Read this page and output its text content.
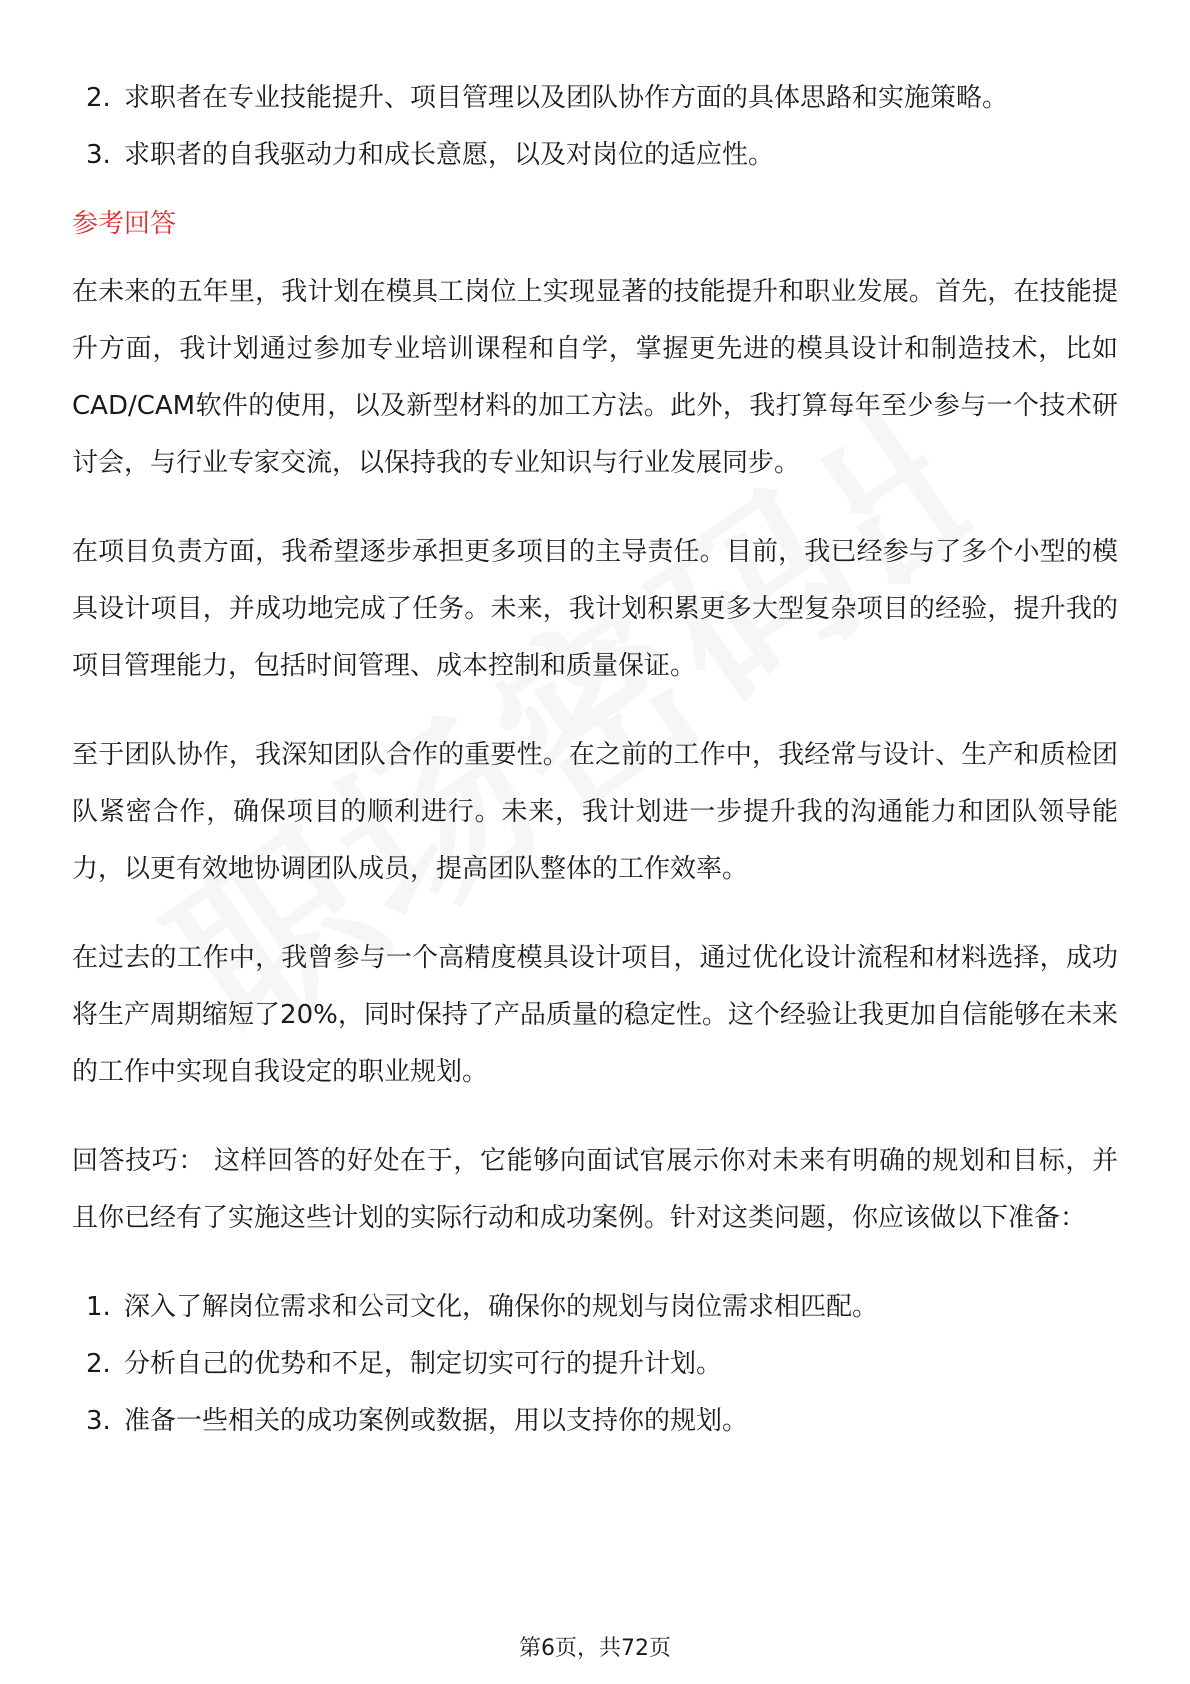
2. 求职者在专业技能提升、项目管理以及团队协作方面的具体思路和实施策略。
3. 求职者的自我驱动力和成长意愿，以及对岗位的适应性。
参考回答

在未来的五年里，我计划在模具工岗位上实现显著的技能提升和职业发展。首先，在技能提升方面，我计划通过参加专业培训课程和自学，掌握更先进的模具设计和制造技术，比如CAD/CAM软件的使用，以及新型材料的加工方法。此外，我打算每年至少参与一个技术研讨会，与行业专家交流，以保持我的专业知识与行业发展同步。

在项目负责方面，我希望逐步承担更多项目的主导责任。目前，我已经参与了多个小型的模具设计项目，并成功地完成了任务。未来，我计划积累更多大型复杂项目的经验，提升我的项目管理能力，包括时间管理、成本控制和质量保证。

至于团队协作，我深知团队合作的重要性。在之前的工作中，我经常与设计、生产和质检团队紧密合作，确保项目的顺利进行。未来，我计划进一步提升我的沟通能力和团队领导能力，以更有效地协调团队成员，提高团队整体的工作效率。

在过去的工作中，我曾参与一个高精度模具设计项目，通过优化设计流程和材料选择，成功将生产周期缩短了20%，同时保持了产品质量的稳定性。这个经验让我更加自信能够在未来的工作中实现自我设定的职业规划。

回答技巧： 这样回答的好处在于，它能够向面试官展示你对未来有明确的规划和目标，并且你已经有了实施这些计划的实际行动和成功案例。针对这类问题，你应该做以下准备：

1. 深入了解岗位需求和公司文化，确保你的规划与岗位需求相匹配。
2. 分析自己的优势和不足，制定切实可行的提升计划。
3. 准备一些相关的成功案例或数据，用以支持你的规划。
第6页，共72页
